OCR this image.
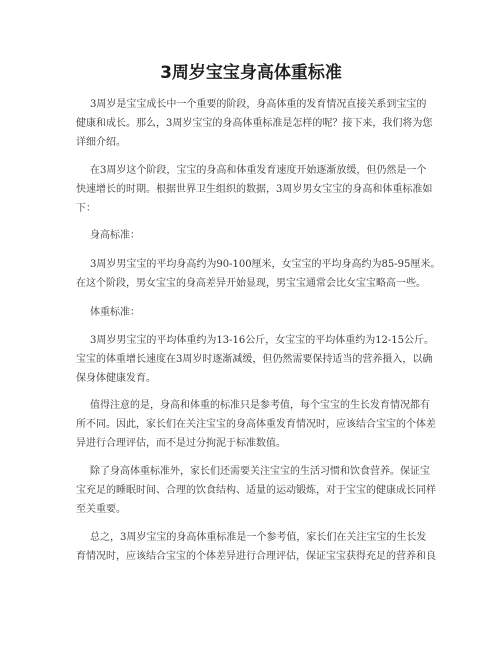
3周岁宝宝身高体重标准

3周岁是宝宝成长中一个重要的阶段，身高体重的发育情况直接关系到宝宝的
健康和成长。那么，3周岁宝宝的身高体重标准是怎样的呢？接下来，我们将为您
详细介绍。

在3周岁这个阶段，宝宝的身高和体重发育速度开始逐渐放缓，但仍然是一个
快速增长的时期。根据世界卫生组织的数据，3周岁男女宝宝的身高和体重标准如
下：

身高标准：

3周岁男宝宝的平均身高约为90-100厘米，女宝宝的平均身高约为85-95厘米。
在这个阶段，男女宝宝的身高差异开始显现，男宝宝通常会比女宝宝略高一些。

体重标准：

3周岁男宝宝的平均体重约为13-16公斤，女宝宝的平均体重约为12-15公斤。
宝宝的体重增长速度在3周岁时逐渐减缓，但仍然需要保持适当的营养摄入，以确
保身体健康发育。

值得注意的是，身高和体重的标准只是参考值，每个宝宝的生长发育情况都有
所不同。因此，家长们在关注宝宝的身高体重发育情况时，应该结合宝宝的个体差
异进行合理评估，而不是过分拘泥于标准数值。

除了身高体重标准外，家长们还需要关注宝宝的生活习惯和饮食营养。保证宝
宝充足的睡眠时间、合理的饮食结构、适量的运动锻炼，对于宝宝的健康成长同样
至关重要。

总之，3周岁宝宝的身高体重标准是一个参考值，家长们在关注宝宝的生长发
育情况时，应该结合宝宝的个体差异进行合理评估，保证宝宝获得充足的营养和良
